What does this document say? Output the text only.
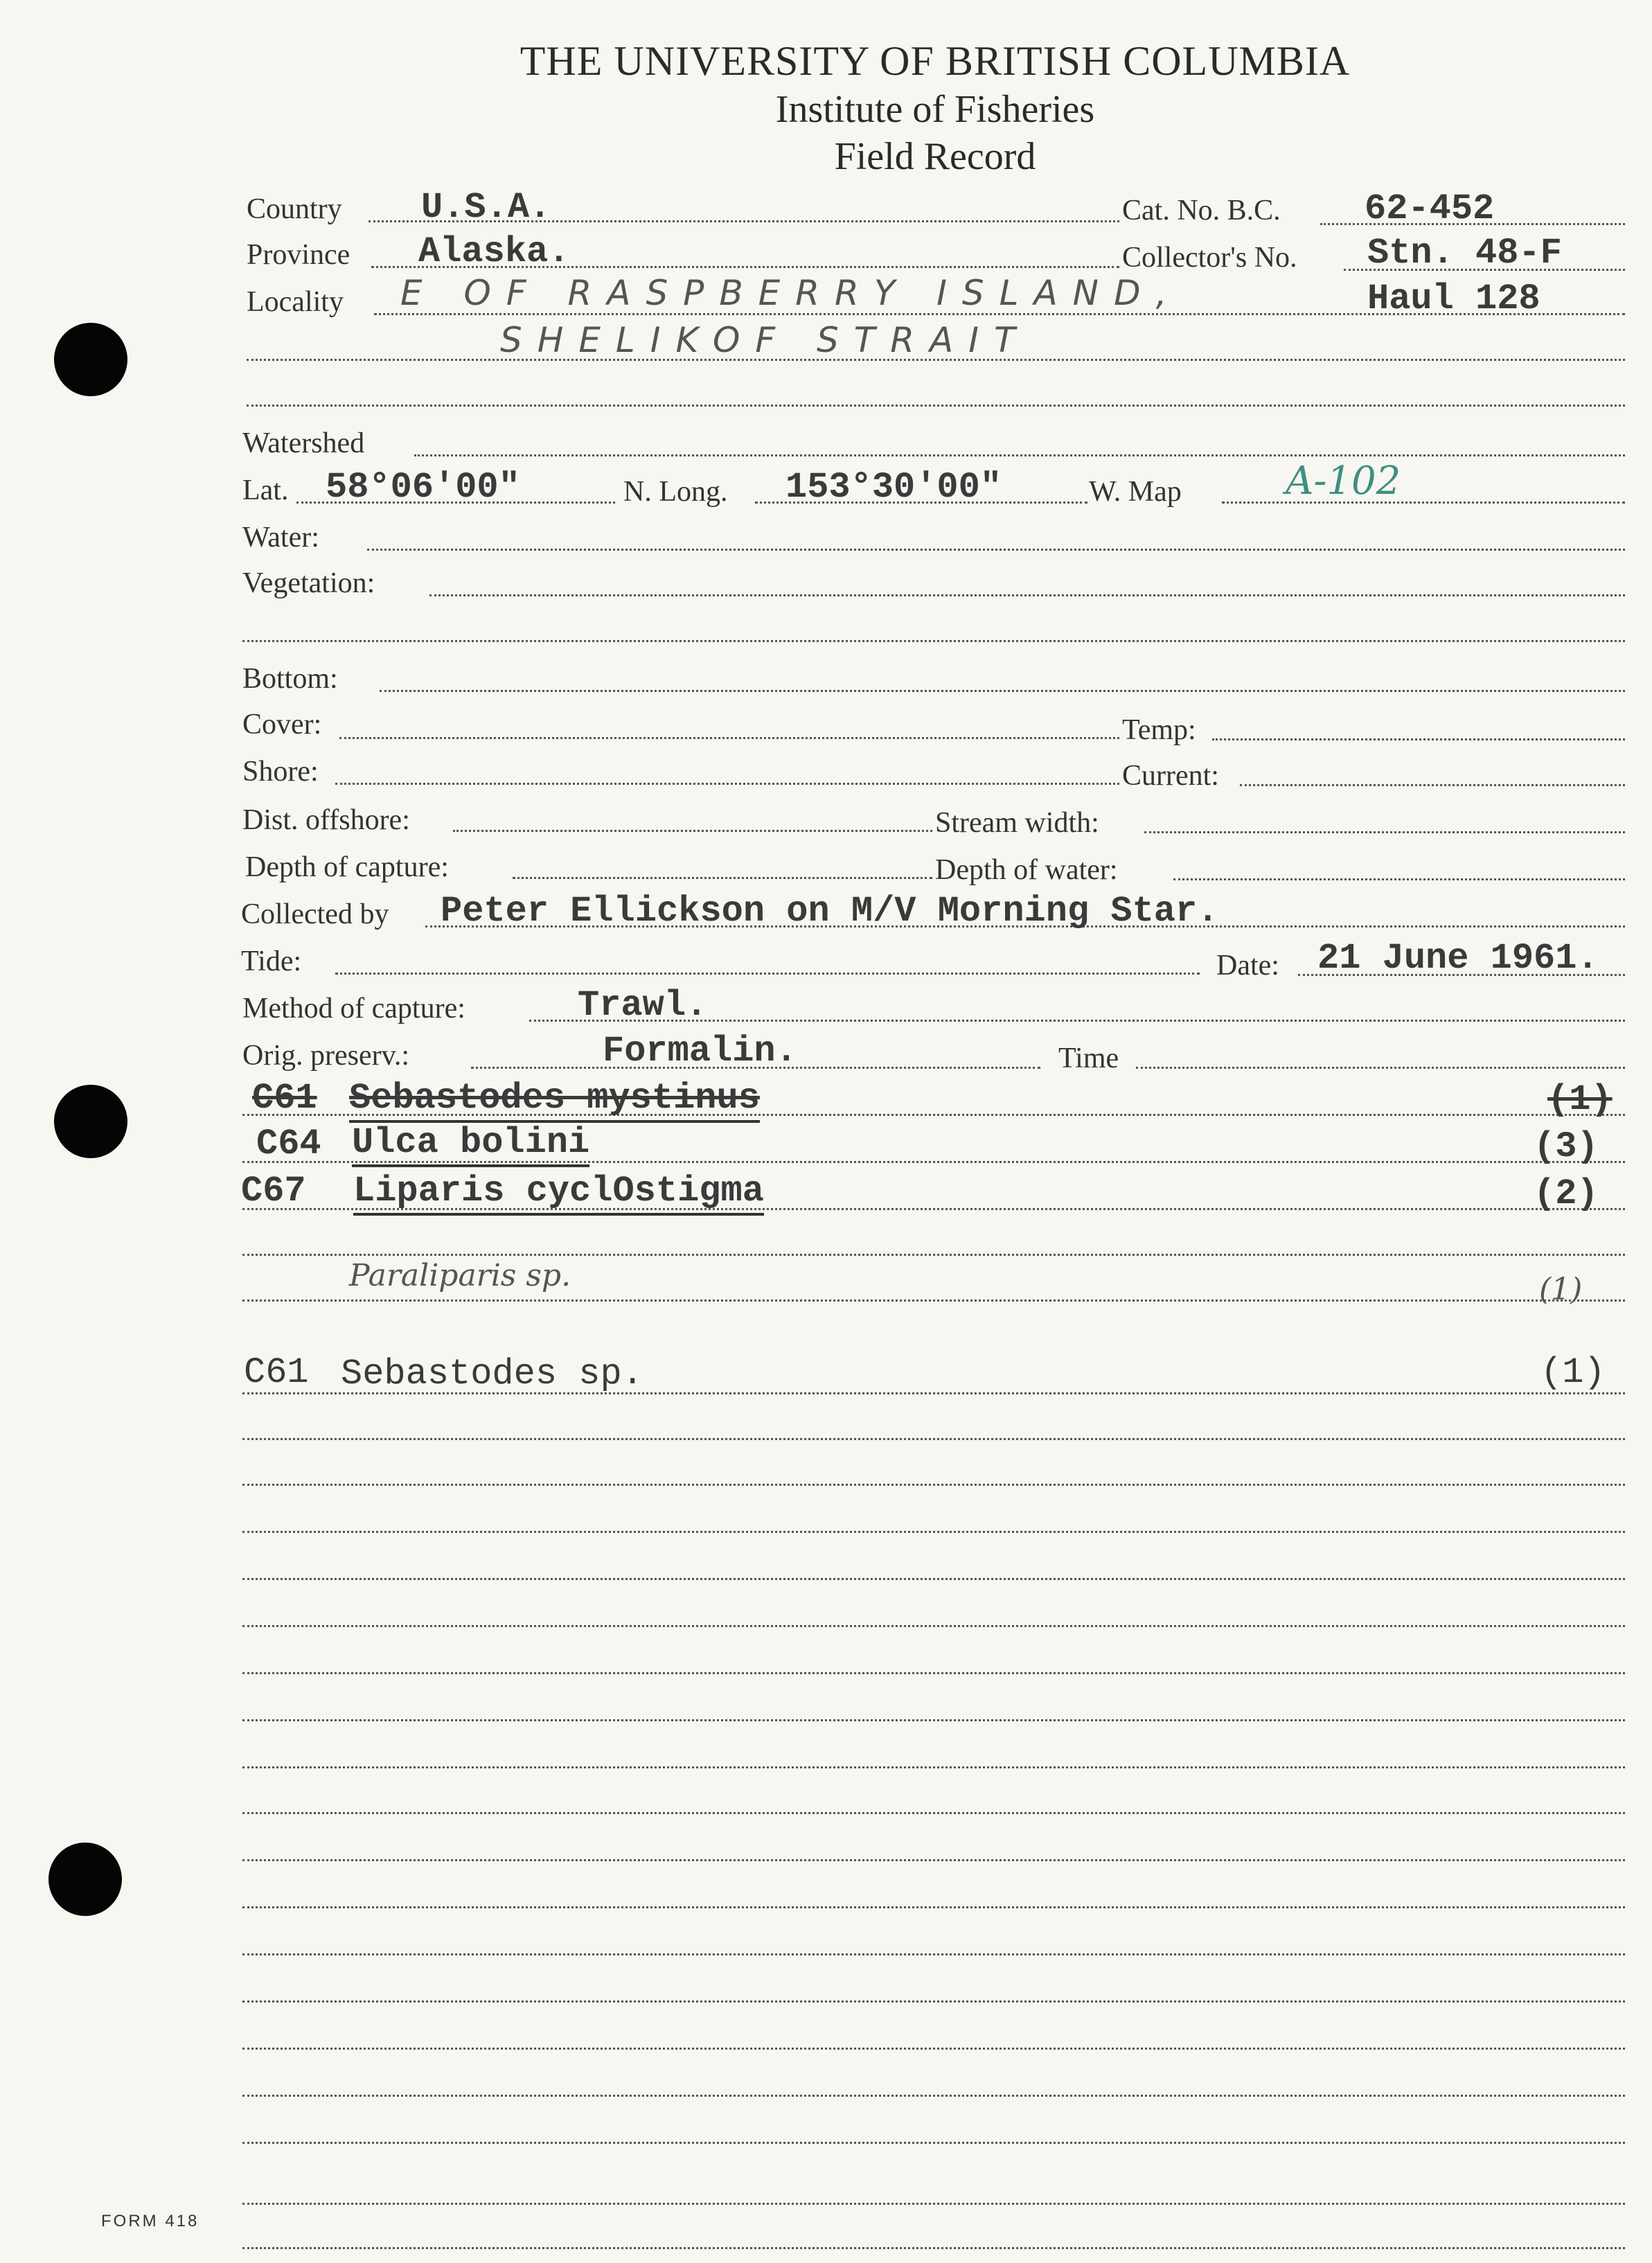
THE UNIVERSITY OF BRITISH COLUMBIA
Institute of Fisheries
Field Record
Country U.S.A.	Cat. No. B.C. 62-452
Province Alaska.	Collector's No. Stn. 48-F
Locality E OF RASPBERRY ISLAND,	Haul 128
SHELIKOF STRAIT
Watershed
Lat. 58°06'00"	N. Long. 153°30'00"	W. Map	A-102
Water:
Vegetation:
Bottom:
Cover:	Temp:
Shore:	Current:
Dist. offshore:	Stream width:
Depth of capture:	Depth of water:
Collected by Peter Ellickson on M/V Morning Star.
Tide:	Date: 21 June 1961.
Method of capture:	Trawl.
Orig. preserv.:	Formalin.	Time
C61 Sebastodes mystinus	(1)
C64 Ulca bolini	(3)
C67 Liparis cyclOstigma	(2)
Paraliparis sp.	(1)
C61 Sebastodes sp.	(1)
FORM 418
